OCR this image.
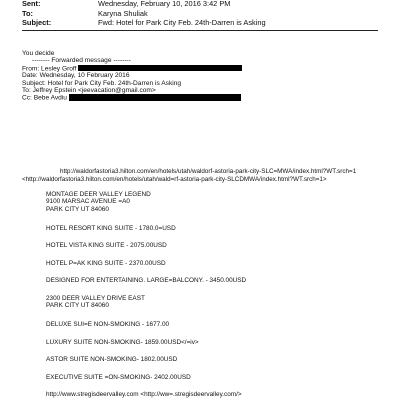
Sent:	Wednesday, February 10, 2016 3:42 PM
To:	Karyna Shuliak
Subject:	Fwd: Hotel for Park City Feb. 24th-Darren is Asking
You decide
-------- Forwarded message --------
From: Lesley Groff
Date: Wednesday, 10 February 2016
Subject: Hotel for Park City Feb. 24th-Darren is Asking
To: Jeffrey Epstein <jeevacation@gmail.com>
Cc: Bebe Avdiu
http://waldorfastoria3.hilton.com/en/hotels/utah/waldorf-astoria-park-city-SLC=MWA/index.html?WT.srch=1
<http://waldorfastoria3.hilton.com/en/hotels/utah/wald=rf-astoria-park-city-SLCDMWA/index.html?WT.srch=1>
MONTAGE DEER VALLEY LEGEND
9100 MARSAC AVENUE =A0
PARK CITY UT 84060
HOTEL RESORT KING SUITE - 1780.0=USD
HOTEL VISTA KING SUITE - 2075.00USD
HOTEL P=AK KING SUITE - 2370.00USD
DESIGNED FOR ENTERTAINING. LARGE=BALCONY. - 3450.00USD
2300 DEER VALLEY DRIVE EAST
PARK CITY UT 84060
DELUXE SUI=E NON-SMOKING - 1677.00
LUXURY SUITE NON-SMOKING- 1859.00USD</=iv>
ASTOR SUITE NON-SMOKING- 1802.00USD
EXECUTIVE SUITE =ON-SMOKING- 2402.00USD
http://www.stregisdeervalley.com <http://ww=.stregisdeervalley.com/>
